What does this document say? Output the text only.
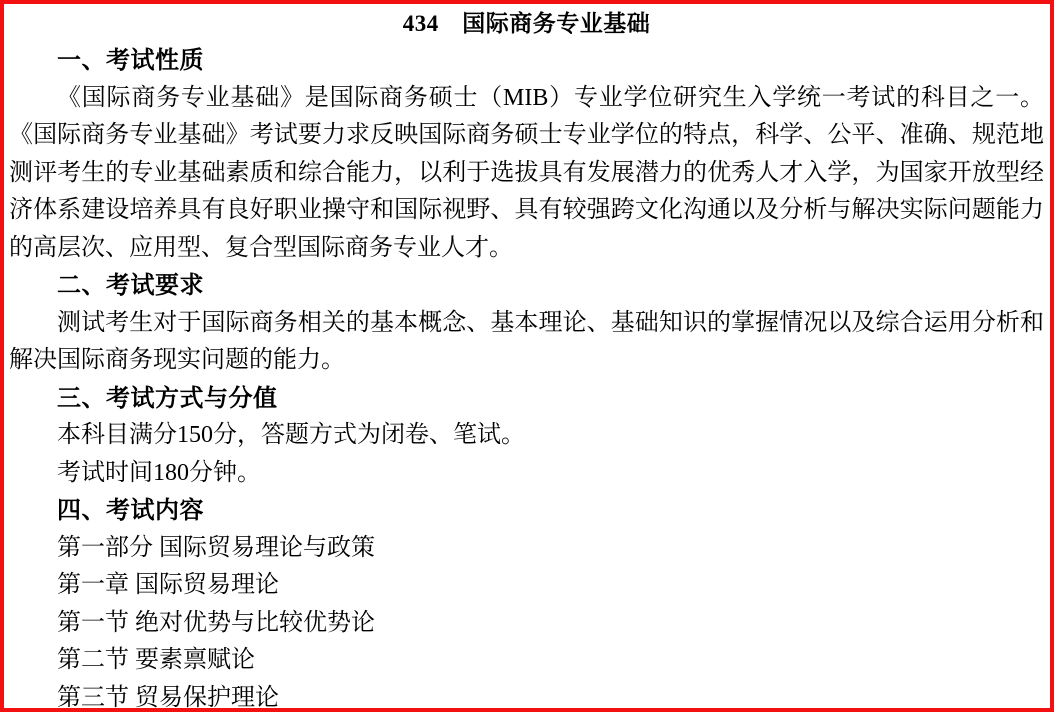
434　国际商务专业基础
一、考试性质

《国际商务专业基础》是国际商务硕士（MIB）专业学位研究生入学统一考试的科目之一。《国际商务专业基础》考试要力求反映国际商务硕士专业学位的特点，科学、公平、准确、规范地测评考生的专业基础素质和综合能力，以利于选拔具有发展潜力的优秀人才入学，为国家开放型经济体系建设培养具有良好职业操守和国际视野、具有较强跨文化沟通以及分析与解决实际问题能力的高层次、应用型、复合型国际商务专业人才。

二、考试要求

测试考生对于国际商务相关的基本概念、基本理论、基础知识的掌握情况以及综合运用分析和解决国际商务现实问题的能力。

三、考试方式与分值

本科目满分150分，答题方式为闭卷、笔试。

考试时间180分钟。

四、考试内容

第一部分 国际贸易理论与政策

第一章 国际贸易理论

第一节 绝对优势与比较优势论

第二节 要素禀赋论

第三节 贸易保护理论
